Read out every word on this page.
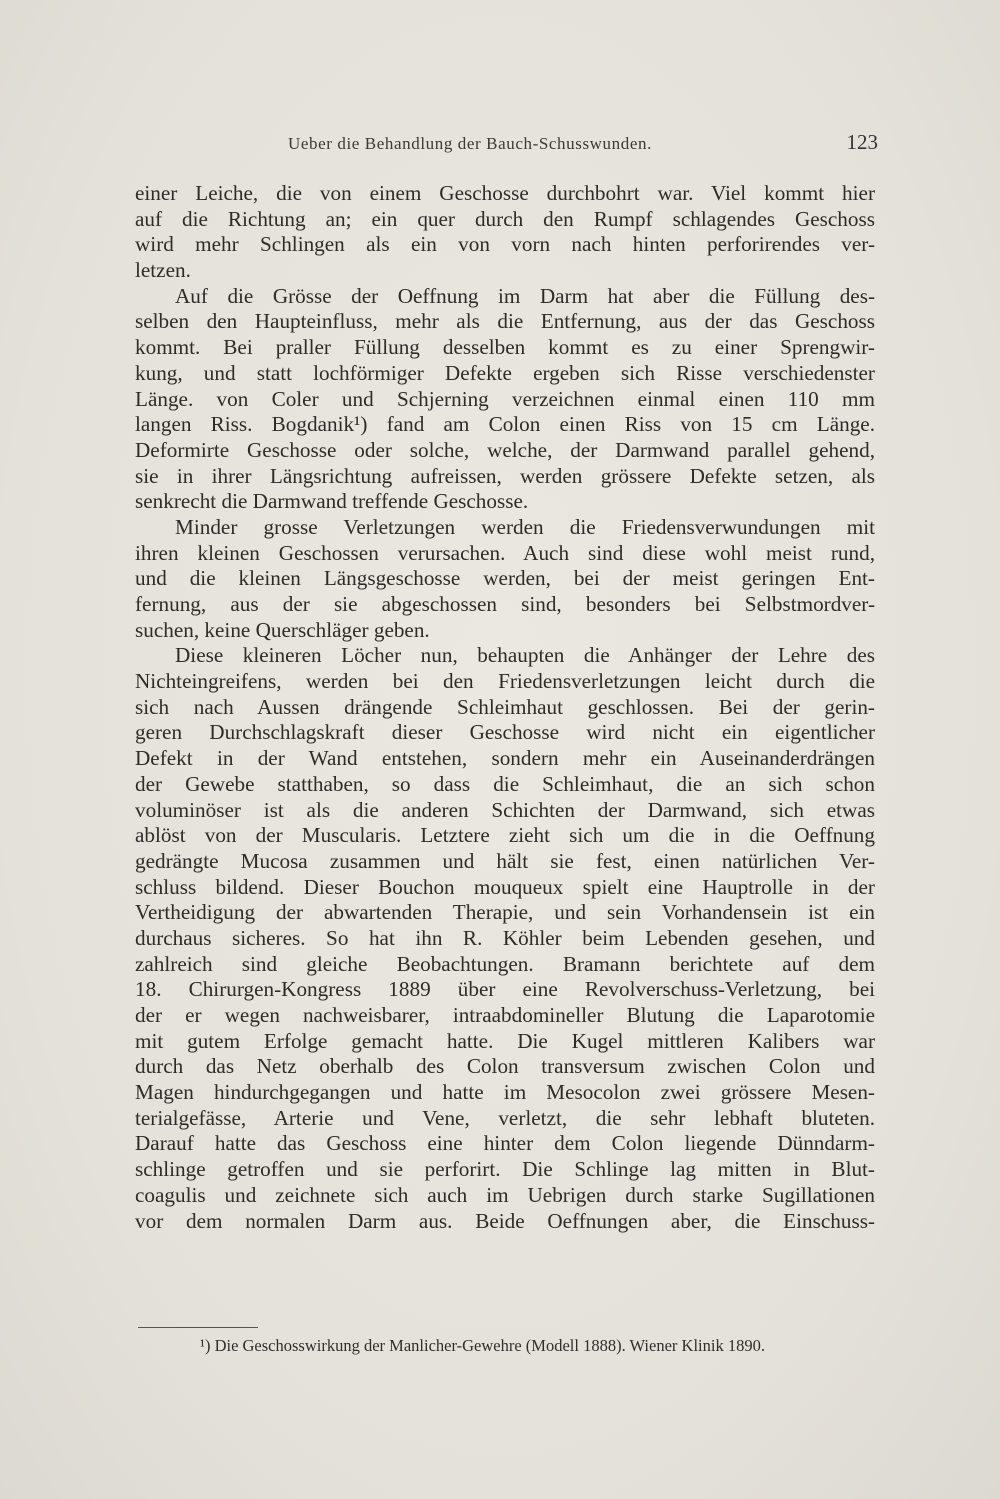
Ueber die Behandlung der Bauch-Schusswunden.	123
einer Leiche, die von einem Geschosse durchbohrt war. Viel kommt hier
auf die Richtung an; ein quer durch den Rumpf schlagendes Geschoss
wird mehr Schlingen als ein von vorn nach hinten perforirendes ver-
letzen.
Auf die Grösse der Oeffnung im Darm hat aber die Füllung des-
selben den Haupteinfluss, mehr als die Entfernung, aus der das Geschoss
kommt. Bei praller Füllung desselben kommt es zu einer Sprengwir-
kung, und statt lochförmiger Defekte ergeben sich Risse verschiedenster
Länge. von Coler und Schjerning verzeichnen einmal einen 110 mm
langen Riss. Bogdanik¹) fand am Colon einen Riss von 15 cm Länge.
Deformirte Geschosse oder solche, welche, der Darmwand parallel gehend,
sie in ihrer Längsrichtung aufreissen, werden grössere Defekte setzen, als
senkrecht die Darmwand treffende Geschosse.
Minder grosse Verletzungen werden die Friedensverwundungen mit
ihren kleinen Geschossen verursachen. Auch sind diese wohl meist rund,
und die kleinen Längsgeschosse werden, bei der meist geringen Ent-
fernung, aus der sie abgeschossen sind, besonders bei Selbstmordver-
suchen, keine Querschläger geben.
Diese kleineren Löcher nun, behaupten die Anhänger der Lehre des
Nichteingreifens, werden bei den Friedensverletzungen leicht durch die
sich nach Aussen drängende Schleimhaut geschlossen. Bei der gerin-
geren Durchschlagskraft dieser Geschosse wird nicht ein eigentlicher
Defekt in der Wand entstehen, sondern mehr ein Auseinanderdrängen
der Gewebe statthaben, so dass die Schleimhaut, die an sich schon
voluminöser ist als die anderen Schichten der Darmwand, sich etwas
ablöst von der Muscularis. Letztere zieht sich um die in die Oeffnung
gedrängte Mucosa zusammen und hält sie fest, einen natürlichen Ver-
schluss bildend. Dieser Bouchon mouqueux spielt eine Hauptrolle in der
Vertheidigung der abwartenden Therapie, und sein Vorhandensein ist ein
durchaus sicheres. So hat ihn R. Köhler beim Lebenden gesehen, und
zahlreich sind gleiche Beobachtungen. Bramann berichtete auf dem
18. Chirurgen-Kongress 1889 über eine Revolverschuss-Verletzung, bei
der er wegen nachweisbarer, intraabdomineller Blutung die Laparotomie
mit gutem Erfolge gemacht hatte. Die Kugel mittleren Kalibers war
durch das Netz oberhalb des Colon transversum zwischen Colon und
Magen hindurchgegangen und hatte im Mesocolon zwei grössere Mesen-
terialgefässe, Arterie und Vene, verletzt, die sehr lebhaft bluteten.
Darauf hatte das Geschoss eine hinter dem Colon liegende Dünndarm-
schlinge getroffen und sie perforirt. Die Schlinge lag mitten in Blut-
coagulis und zeichnete sich auch im Uebrigen durch starke Sugillationen
vor dem normalen Darm aus. Beide Oeffnungen aber, die Einschuss-
¹) Die Geschosswirkung der Manlicher-Gewehre (Modell 1888). Wiener Klinik 1890.
